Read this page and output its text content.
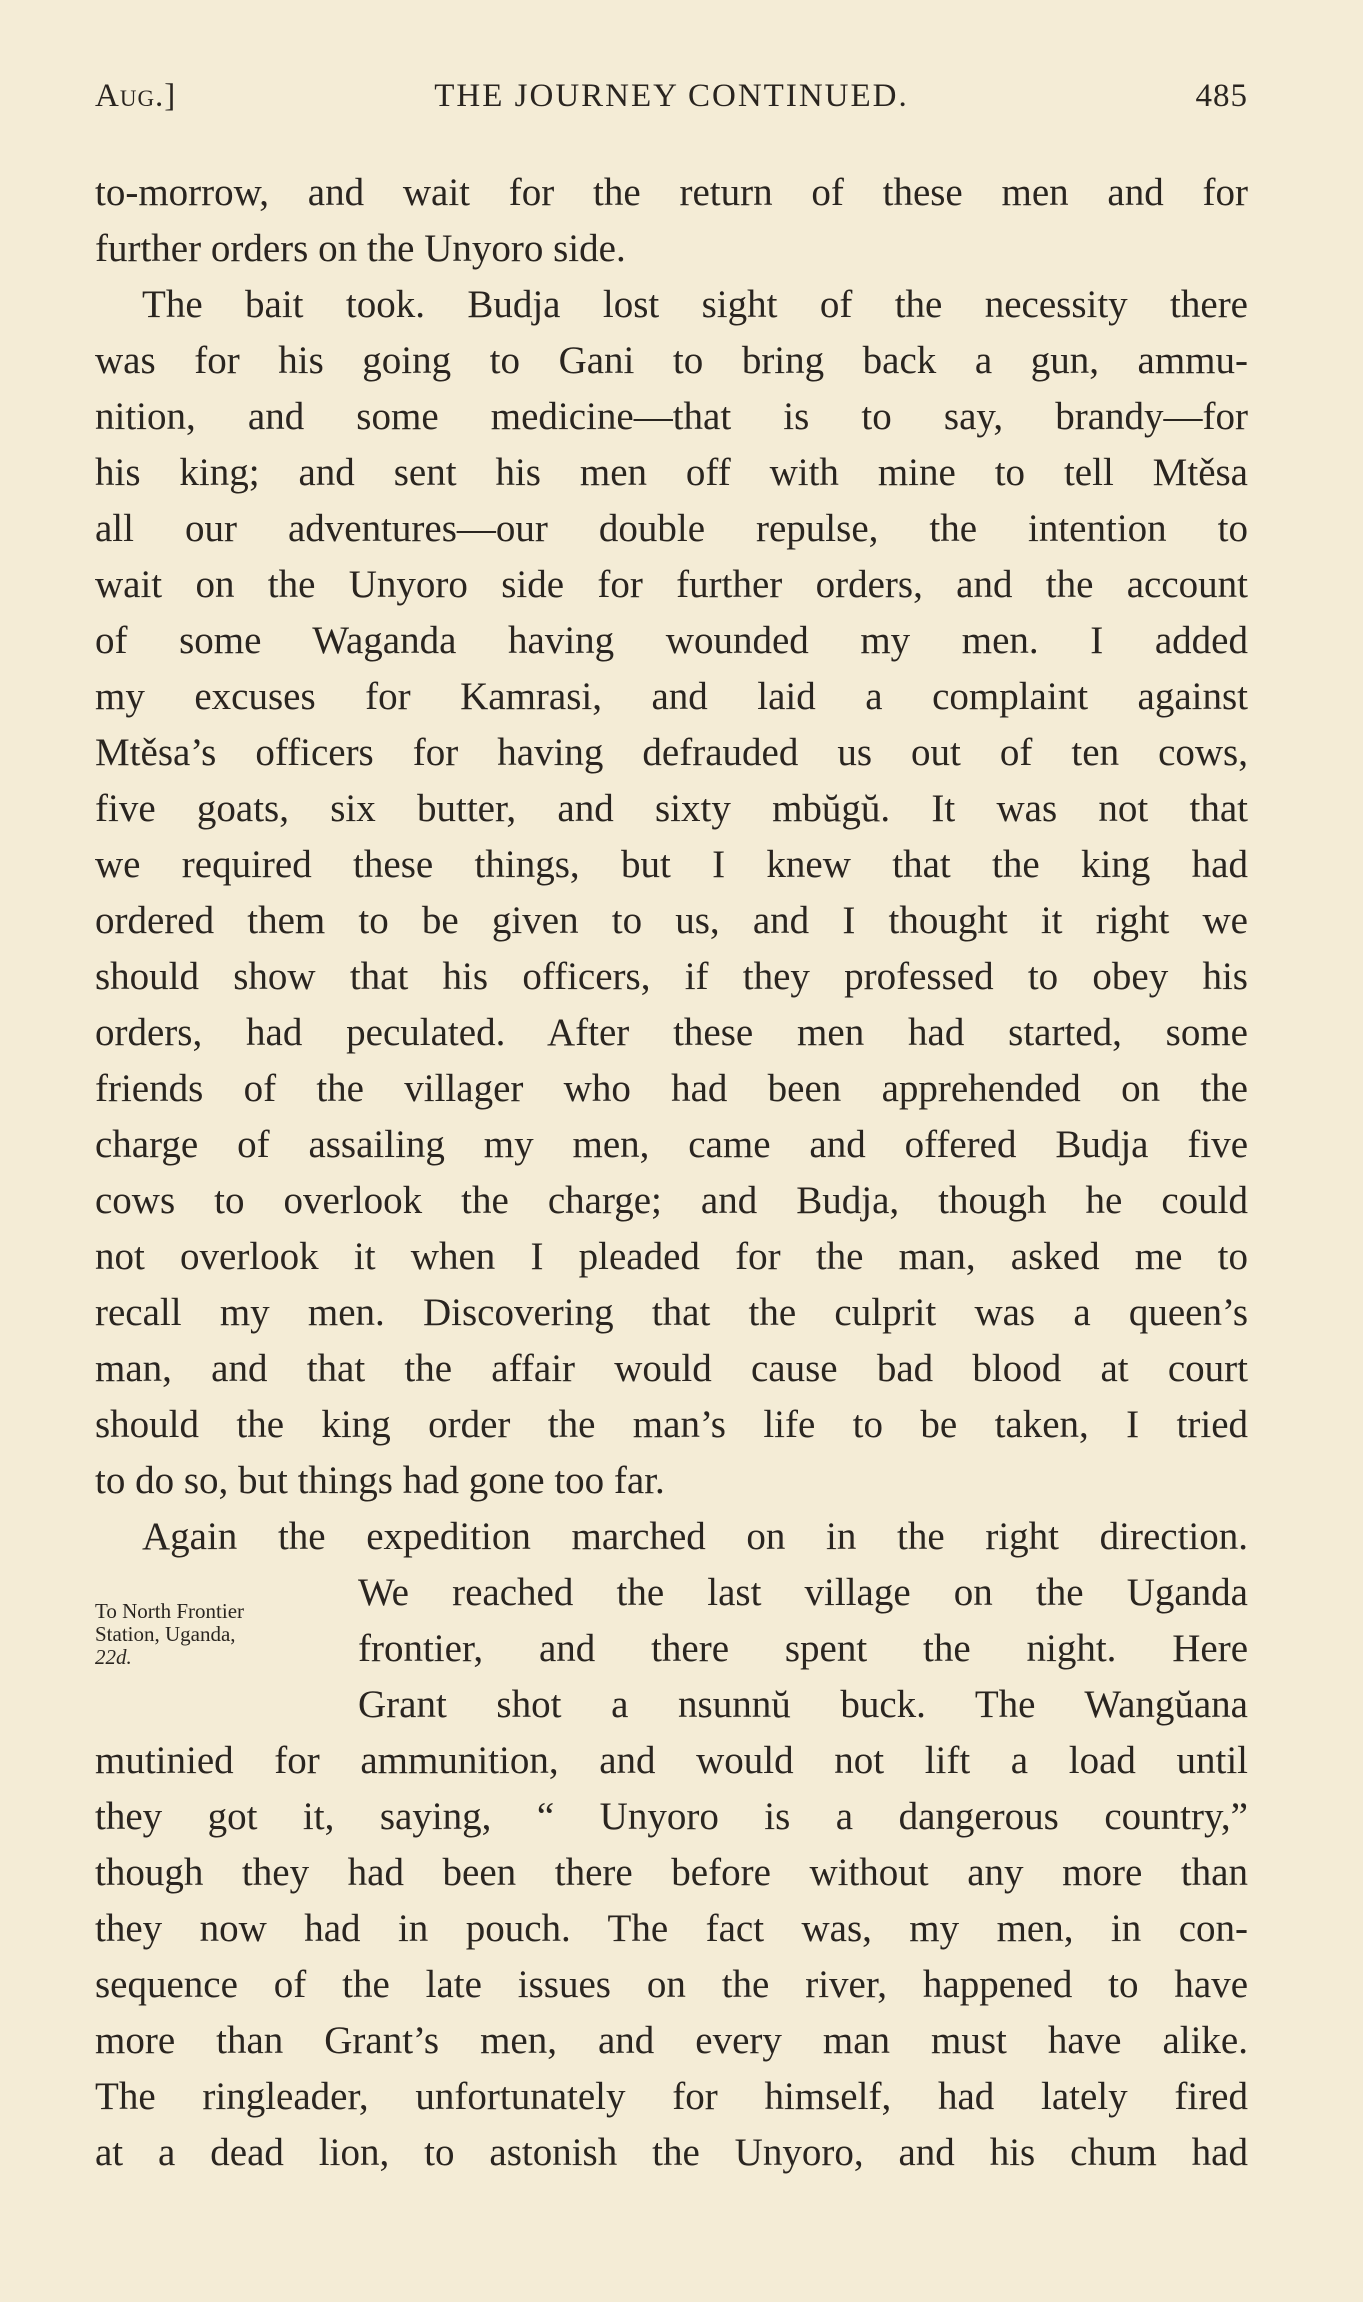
Aug.]	THE JOURNEY CONTINUED.	485
to-morrow, and wait for the return of these men and for
further orders on the Unyoro side.
The bait took. Budja lost sight of the necessity there
was for his going to Gani to bring back a gun, ammu-
nition, and some medicine—that is to say, brandy—for
his king; and sent his men off with mine to tell Mtěsa
all our adventures—our double repulse, the intention to
wait on the Unyoro side for further orders, and the account
of some Waganda having wounded my men. I added
my excuses for Kamrasi, and laid a complaint against
Mtěsa’s officers for having defrauded us out of ten cows,
five goats, six butter, and sixty mbŭgŭ. It was not that
we required these things, but I knew that the king had
ordered them to be given to us, and I thought it right we
should show that his officers, if they professed to obey his
orders, had peculated. After these men had started, some
friends of the villager who had been apprehended on the
charge of assailing my men, came and offered Budja five
cows to overlook the charge; and Budja, though he could
not overlook it when I pleaded for the man, asked me to
recall my men. Discovering that the culprit was a queen’s
man, and that the affair would cause bad blood at court
should the king order the man’s life to be taken, I tried
to do so, but things had gone too far.
Again the expedition marched on in the right direction.
We reached the last village on the Uganda
frontier, and there spent the night. Here
Grant shot a nsunnŭ buck. The Wangŭana
mutinied for ammunition, and would not lift a load until
they got it, saying, “ Unyoro is a dangerous country,”
though they had been there before without any more than
they now had in pouch. The fact was, my men, in con-
sequence of the late issues on the river, happened to have
more than Grant’s men, and every man must have alike.
The ringleader, unfortunately for himself, had lately fired
at a dead lion, to astonish the Unyoro, and his chum had
To North Frontier
Station, Uganda,
22d.
